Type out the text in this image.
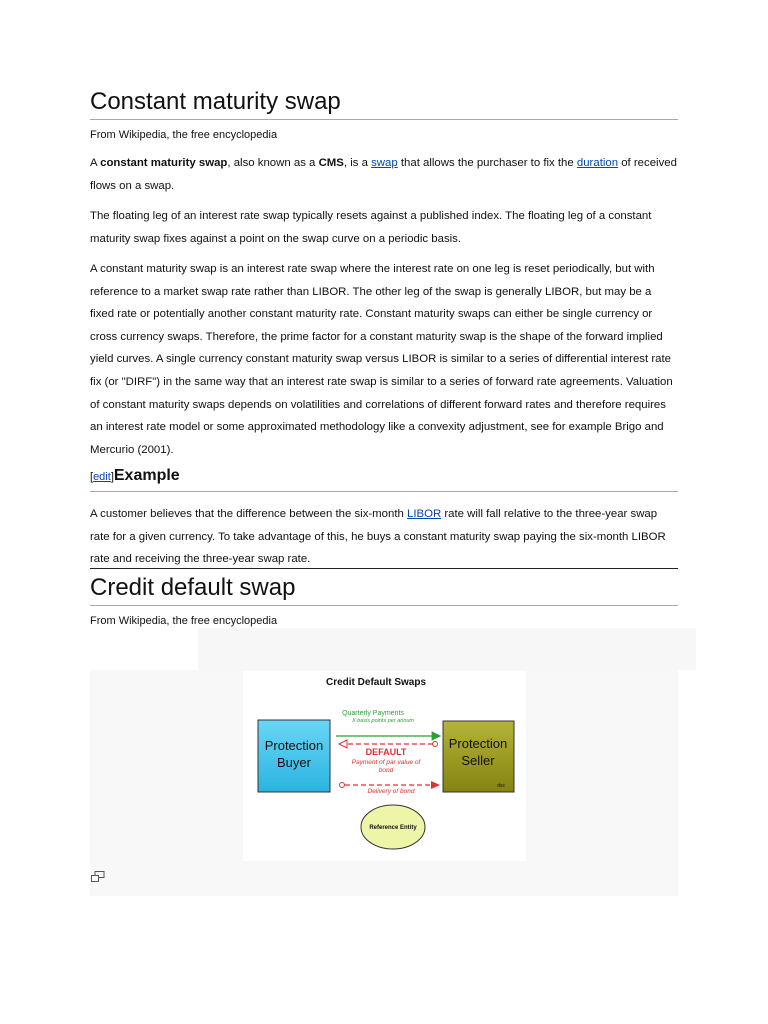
Constant maturity swap
From Wikipedia, the free encyclopedia

A constant maturity swap, also known as a CMS, is a swap that allows the purchaser to fix the duration of received flows on a swap.

The floating leg of an interest rate swap typically resets against a published index. The floating leg of a constant maturity swap fixes against a point on the swap curve on a periodic basis.

A constant maturity swap is an interest rate swap where the interest rate on one leg is reset periodically, but with reference to a market swap rate rather than LIBOR. The other leg of the swap is generally LIBOR, but may be a fixed rate or potentially another constant maturity rate. Constant maturity swaps can either be single currency or cross currency swaps. Therefore, the prime factor for a constant maturity swap is the shape of the forward implied yield curves. A single currency constant maturity swap versus LIBOR is similar to a series of differential interest rate fix (or "DIRF") in the same way that an interest rate swap is similar to a series of forward rate agreements. Valuation of constant maturity swaps depends on volatilities and correlations of different forward rates and therefore requires an interest rate model or some approximated methodology like a convexity adjustment, see for example Brigo and Mercurio (2001).

[edit]Example

A customer believes that the difference between the six-month LIBOR rate will fall relative to the three-year swap rate for a given currency. To take advantage of this, he buys a constant maturity swap paying the six-month LIBOR rate and receiving the three-year swap rate.

Credit default swap
From Wikipedia, the free encyclopedia
Credit Default Swaps
Protection
Buyer
Protection
Seller
dsc
Quarterly Payments
X basis points per annum
DEFAULT
Payment of par value of
bond
Delivery of bond
Reference Entity
